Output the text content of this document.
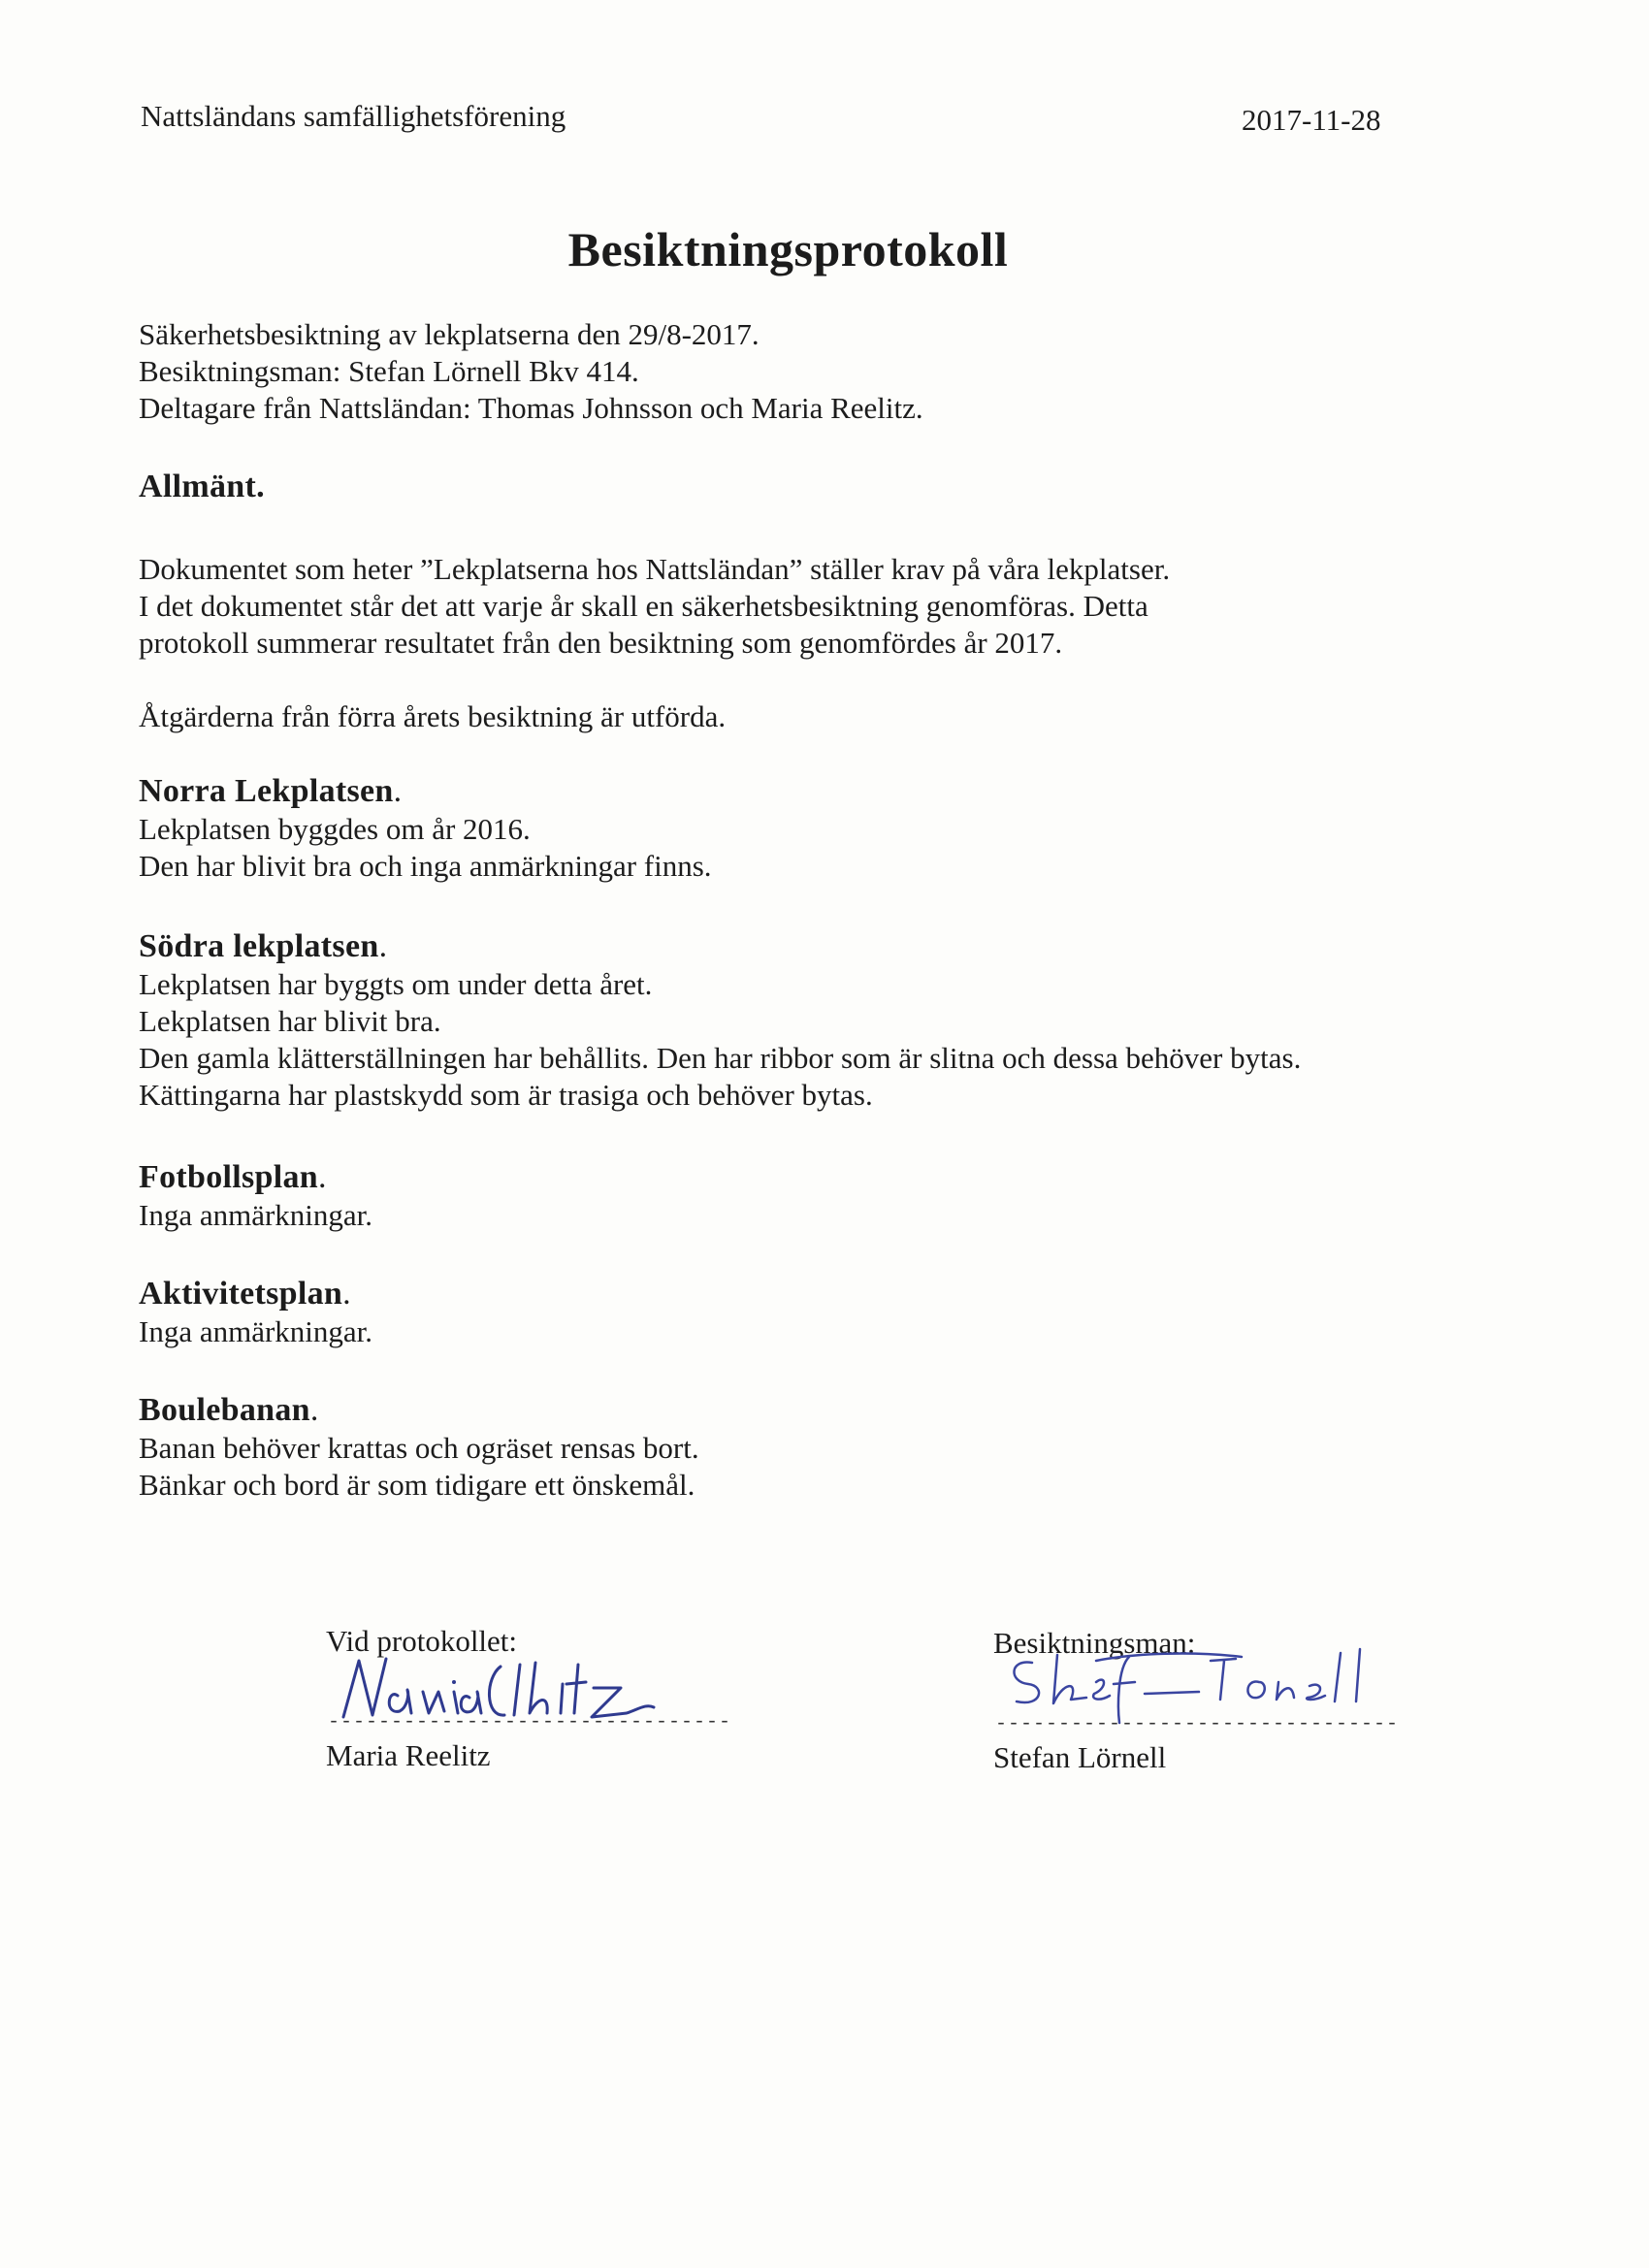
Nattsländans samfällighetsförening	2017-11-28
Besiktningsprotokoll
Säkerhetsbesiktning av lekplatserna den 29/8-2017.
Besiktningsman: Stefan Lörnell Bkv 414.
Deltagare från Nattsländan: Thomas Johnsson och Maria Reelitz.
Allmänt.
Dokumentet som heter ”Lekplatserna hos Nattsländan” ställer krav på våra lekplatser.
I det dokumentet står det att varje år skall en säkerhetsbesiktning genomföras. Detta
protokoll summerar resultatet från den besiktning som genomfördes år 2017.
Åtgärderna från förra årets besiktning är utförda.
Norra Lekplatsen.
Lekplatsen byggdes om år 2016.
Den har blivit bra och inga anmärkningar finns.
Södra lekplatsen.
Lekplatsen har byggts om under detta året.
Lekplatsen har blivit bra.
Den gamla klätterställningen har behållits. Den har ribbor som är slitna och dessa behöver bytas.
Kättingarna har plastskydd som är trasiga och behöver bytas.
Fotbollsplan.
Inga anmärkningar.
Aktivitetsplan.
Inga anmärkningar.
Boulebanan.
Banan behöver krattas och ogräset rensas bort.
Bänkar och bord är som tidigare ett önskemål.
Vid protokollet:
--------------------------------
Maria Reelitz
Besiktningsman:
--------------------------------
Stefan Lörnell
